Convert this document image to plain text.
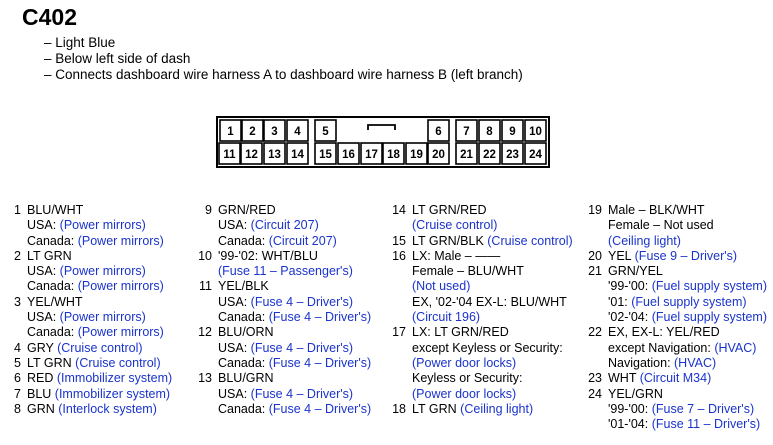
C402
– Light Blue
– Below left side of dash
– Connects dashboard wire harness A to dashboard wire harness B (left branch)
1 2 3 4 5	6 7 8 9 10
11 12 13 14 15 16 17 18 19 20 21 22 23 24
1 BLU/WHT
USA: (Power mirrors)
Canada: (Power mirrors)
2 LT GRN
USA: (Power mirrors)
Canada: (Power mirrors)
3 YEL/WHT
USA: (Power mirrors)
Canada: (Power mirrors)
4 GRY (Cruise control)
5 LT GRN (Cruise control)
6 RED (Immobilizer system)
7 BLU (Immobilizer system)
8 GRN (Interlock system)
9 GRN/RED
USA: (Circuit 207)
Canada: (Circuit 207)
10 '99-'02: WHT/BLU
(Fuse 11 – Passenger's)
11 YEL/BLK
USA: (Fuse 4 – Driver's)
Canada: (Fuse 4 – Driver's)
12 BLU/ORN
USA: (Fuse 4 – Driver's)
Canada: (Fuse 4 – Driver's)
13 BLU/GRN
USA: (Fuse 4 – Driver's)
Canada: (Fuse 4 – Driver's)
14 LT GRN/RED
(Cruise control)
15 LT GRN/BLK (Cruise control)
16 LX: Male – ——
Female – BLU/WHT
(Not used)
EX, '02-'04 EX-L: BLU/WHT
(Circuit 196)
17 LX: LT GRN/RED
except Keyless or Security:
(Power door locks)
Keyless or Security:
(Power door locks)
18 LT GRN (Ceiling light)
19 Male – BLK/WHT
Female – Not used
(Ceiling light)
20 YEL (Fuse 9 – Driver's)
21 GRN/YEL
'99-'00: (Fuel supply system)
'01: (Fuel supply system)
'02-'04: (Fuel supply system)
22 EX, EX-L: YEL/RED
except Navigation: (HVAC)
Navigation: (HVAC)
23 WHT (Circuit M34)
24 YEL/GRN
'99-'00: (Fuse 7 – Driver's)
'01-'04: (Fuse 11 – Driver's)
